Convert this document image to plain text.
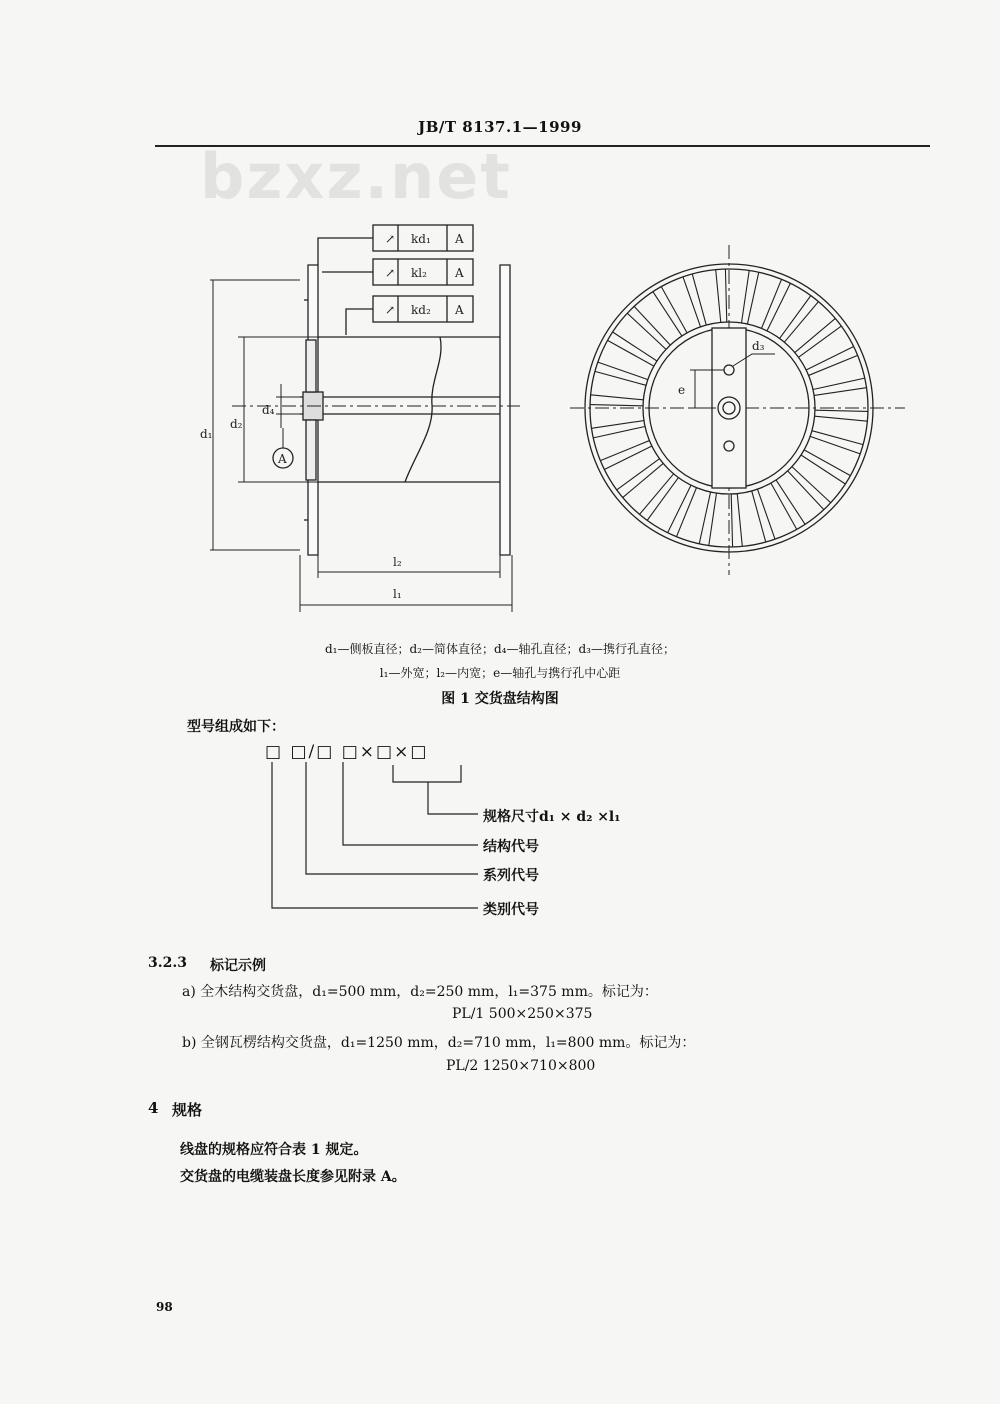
JB/T 8137.1—1999
bzxz.net
↗ kd₁ A
↗ kl₂ A
↗ kd₂ A
d₁
d₂
d₄
A
l₂
l₁
e
d₃
d₁—侧板直径；d₂—简体直径；d₄—轴孔直径；d₃—携行孔直径；
l₁—外宽；l₂—内宽；e—轴孔与携行孔中心距
图 1 交货盘结构图
型号组成如下：
□ □/□ □×□×□
规格尺寸d₁ × d₂ ×l₁
结构代号
系列代号
类别代号
3.2.3 标记示例
a) 全木结构交货盘，d₁=500 mm，d₂=250 mm，l₁=375 mm。标记为：
PL/1 500×250×375
b) 全钢瓦楞结构交货盘，d₁=1250 mm，d₂=710 mm，l₁=800 mm。标记为：
PL/2 1250×710×800
4 规格
线盘的规格应符合表 1 规定。
交货盘的电缆装盘长度参见附录 A。
98
